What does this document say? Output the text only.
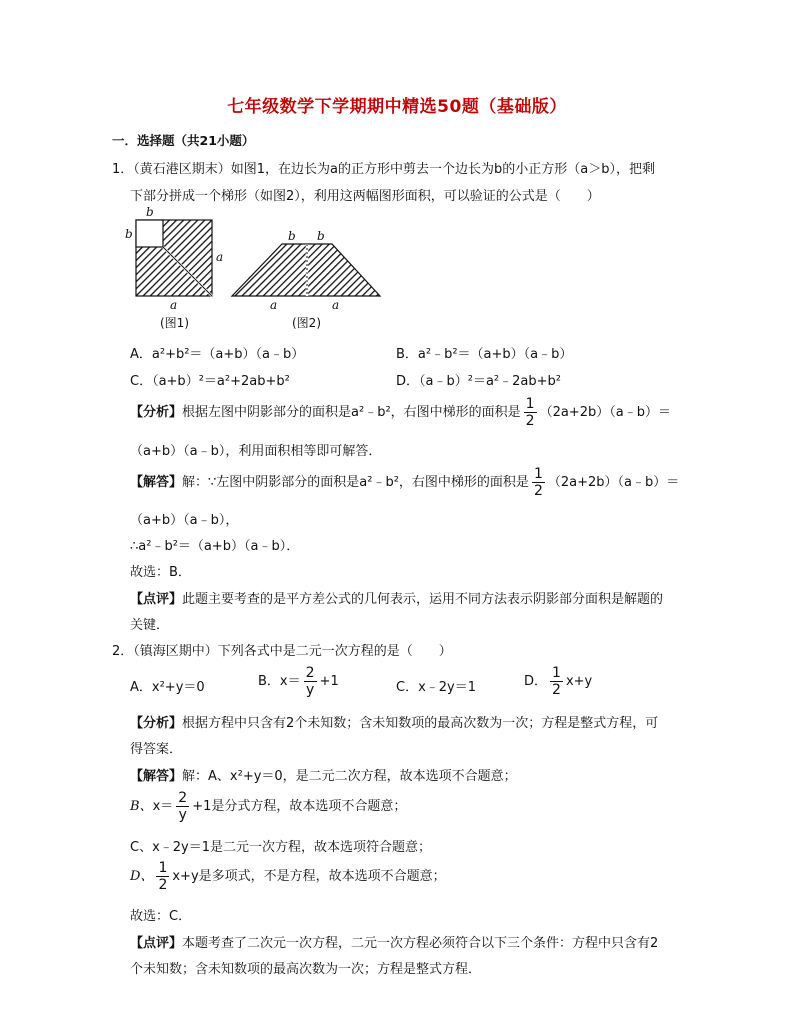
七年级数学下学期期中精选50题（基础版）
一．选择题（共21小题）
1．（黄石港区期末）如图1，在边长为a的正方形中剪去一个边长为b的小正方形（a＞b），把剩
下部分拼成一个梯形（如图2），利用这两幅图形面积，可以验证的公式是（　　）
b
b
a
a
(图1)
b b
a	a
(图2)
A．a²+b²＝（a+b）（a﹣b）	B．a²﹣b²＝（a+b）（a﹣b）
C．（a+b）²＝a²+2ab+b²	D．（a﹣b）²＝a²﹣2ab+b²
【分析】根据左图中阴影部分的面积是a²﹣b²，右图中梯形的面积是 $\frac{1}{2}$ （2a+2b）（a﹣b）＝
（a+b）（a﹣b），利用面积相等即可解答．
【解答】解：∵左图中阴影部分的面积是a²﹣b²，右图中梯形的面积是 $\frac{1}{2}$ （2a+2b）（a﹣b）＝
（a+b）（a﹣b），
∴a²﹣b²＝（a+b）（a﹣b）．
故选：B．
【点评】此题主要考查的是平方差公式的几何表示，运用不同方法表示阴影部分面积是解题的
关键．
2．（镇海区期中）下列各式中是二元一次方程的是（　　）
A．x²+y＝0	B．$x= \frac{2}{y} +1$	C．x﹣2y＝1	D． $\frac{1}{2} x+y$
【分析】根据方程中只含有2个未知数；含未知数项的最高次数为一次；方程是整式方程，可
得答案．
【解答】解：A、x²+y＝0，是二元二次方程，故本选项不合题意；
B、$x= \frac{2}{y} +1$是分式方程，故本选项不合题意；
C、x﹣2y＝1是二元一次方程，故本选项符合题意；
D、 $\frac{1}{2} x+y$是多项式，不是方程，故本选项不合题意；
故选：C．
【点评】本题考查了二次元一次方程，二元一次方程必须符合以下三个条件：方程中只含有2
个未知数；含未知数项的最高次数为一次；方程是整式方程．
